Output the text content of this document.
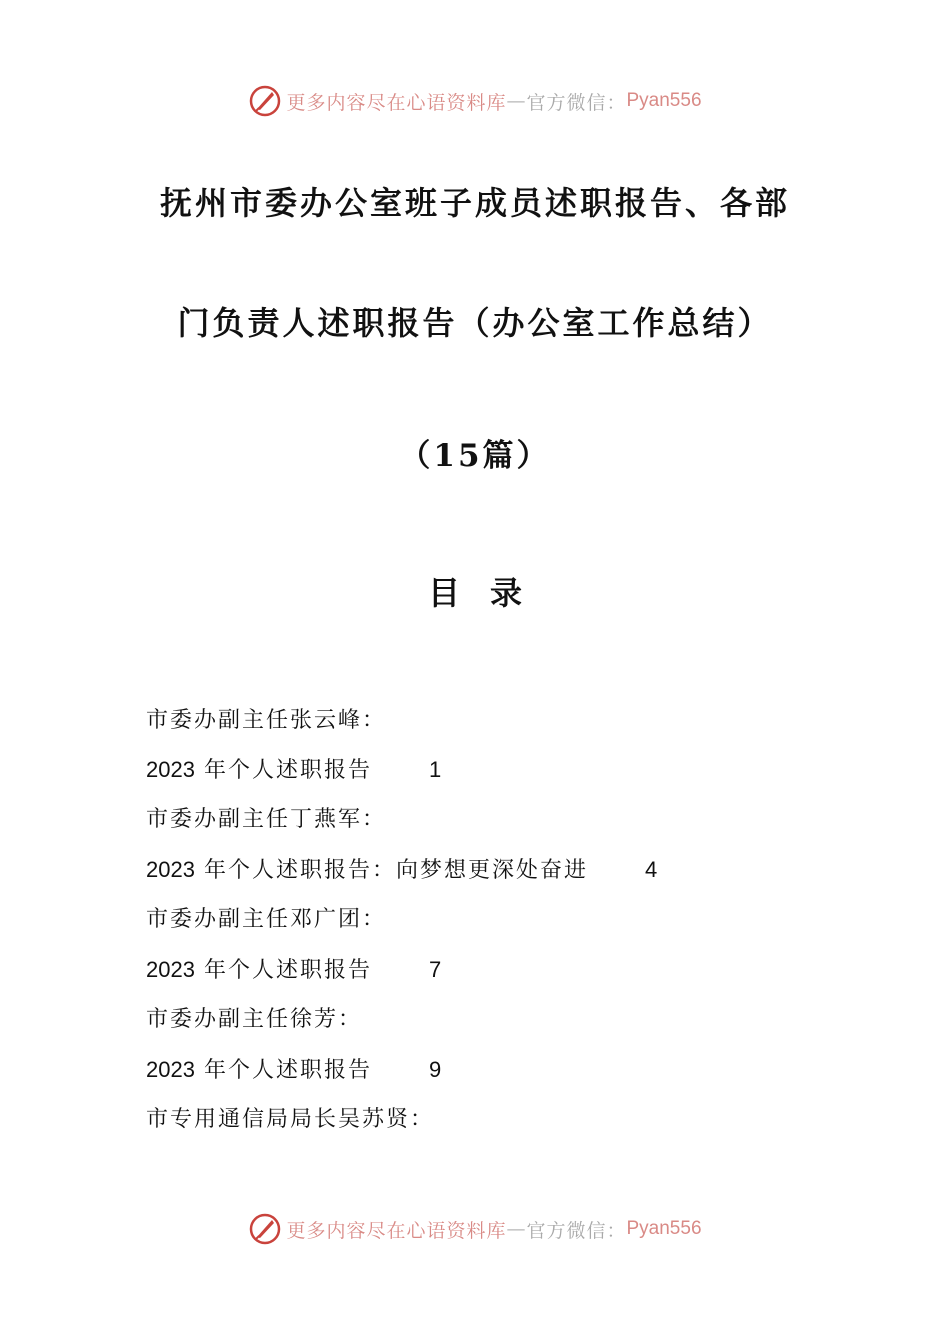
更多内容尽在心语资料库 — 官方微信： Pyan556
抚州市委办公室班子成员述职报告、各部
门负责人述职报告（办公室工作总结）
（15篇）
目录
市委办副主任张云峰：
2023 年个人述职报告	1
市委办副主任丁燕军：
2023 年个人述职报告：向梦想更深处奋进	4
市委办副主任邓广团：
2023 年个人述职报告	7
市委办副主任徐芳：
2023 年个人述职报告	9
市专用通信局局长吴苏贤：
更多内容尽在心语资料库 — 官方微信： Pyan556
